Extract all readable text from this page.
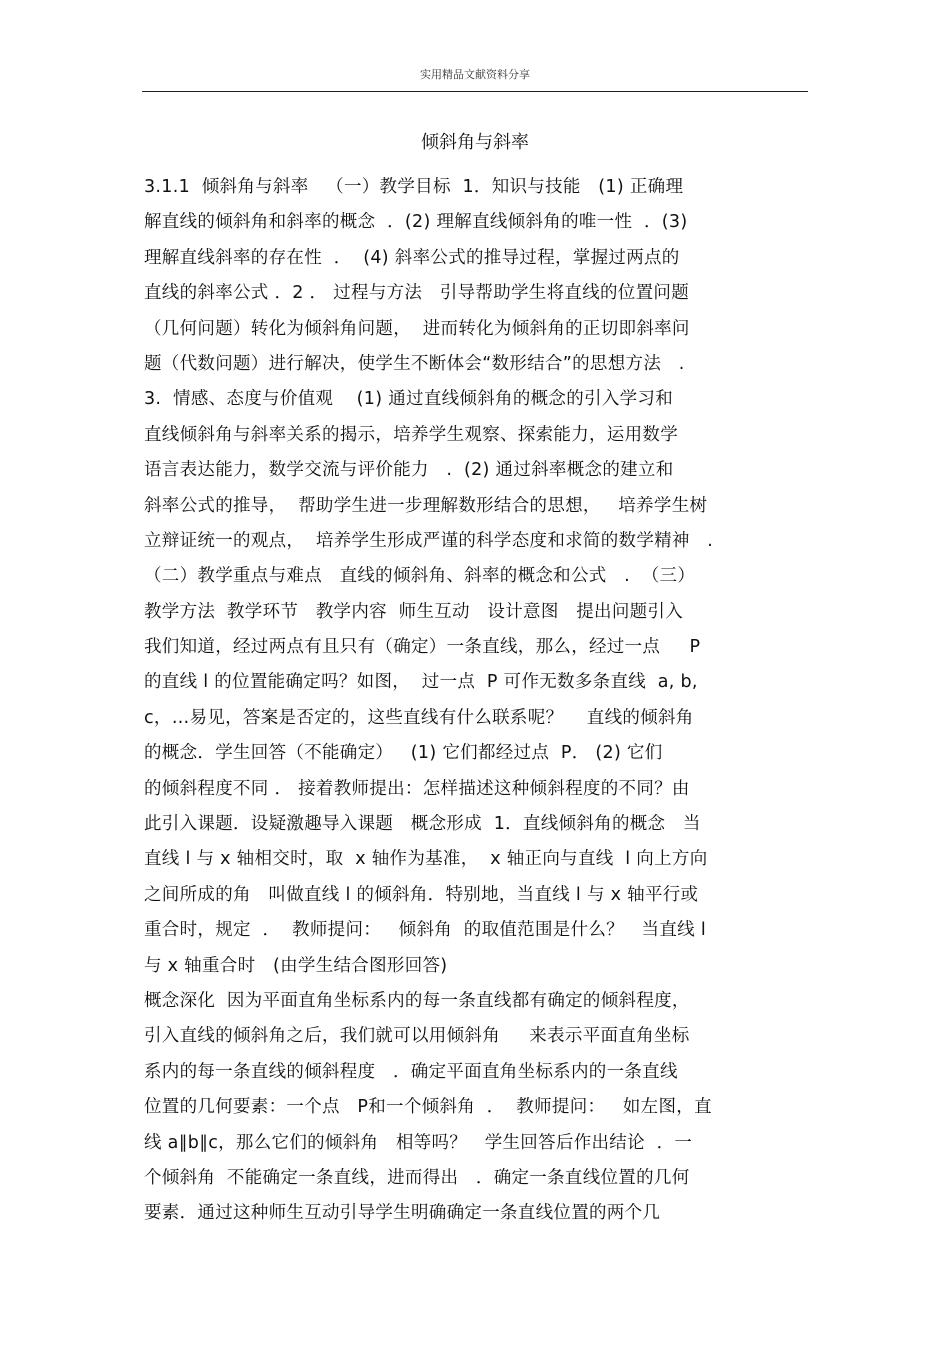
实用精品文献资料分享
倾斜角与斜率
3.1.1  倾斜角与斜率   （一）教学目标  1．知识与技能   (1) 正确理
解直线的倾斜角和斜率的概念  ．(2) 理解直线倾斜角的唯一性  ．(3)
理解直线斜率的存在性  ．  (4) 斜率公式的推导过程，掌握过两点的
直线的斜率公式 ．2 ． 过程与方法   引导帮助学生将直线的位置问题
（几何问题）转化为倾斜角问题，  进而转化为倾斜角的正切即斜率问
题（代数问题）进行解决，使学生不断体会“数形结合”的思想方法   .
3.  情感、态度与价值观    (1) 通过直线倾斜角的概念的引入学习和
直线倾斜角与斜率关系的揭示，培养学生观察、探索能力，运用数学
语言表达能力，数学交流与评价能力   .  (2) 通过斜率概念的建立和
斜率公式的推导，  帮助学生进一步理解数形结合的思想，   培养学生树
立辩证统一的观点，  培养学生形成严谨的科学态度和求简的数学精神   .
（二）教学重点与难点   直线的倾斜角、斜率的概念和公式   .  （三）
教学方法  教学环节   教学内容  师生互动   设计意图   提出问题引入
我们知道，经过两点有且只有（确定）一条直线，那么，经过一点     P
的直线 l 的位置能确定吗？如图，  过一点  P 可作无数多条直线  a, b,
c，…易见，答案是否定的，这些直线有什么联系呢？    直线的倾斜角
的概念．学生回答（不能确定）   (1) 它们都经过点  P． (2) 它们
的倾斜程度不同 ． 接着教师提出：怎样描述这种倾斜程度的不同？由
此引入课题．设疑激趣导入课题   概念形成  1．直线倾斜角的概念   当
直线 l 与 x 轴相交时，取  x 轴作为基准，  x 轴正向与直线  l 向上方向
之间所成的角   叫做直线 l 的倾斜角．特别地，当直线 l 与 x 轴平行或
重合时，规定  ．  教师提问：   倾斜角  的取值范围是什么？   当直线 l
与 x 轴重合时   (由学生结合图形回答)
概念深化  因为平面直角坐标系内的每一条直线都有确定的倾斜程度，
引入直线的倾斜角之后，我们就可以用倾斜角     来表示平面直角坐标
系内的每一条直线的倾斜程度   ．确定平面直角坐标系内的一条直线
位置的几何要素：一个点   P和一个倾斜角  ．  教师提问：   如左图，直
线 a∥b∥c，那么它们的倾斜角   相等吗？   学生回答后作出结论  ．一
个倾斜角  不能确定一条直线，进而得出   ．确定一条直线位置的几何
要素．通过这种师生互动引导学生明确确定一条直线位置的两个几
